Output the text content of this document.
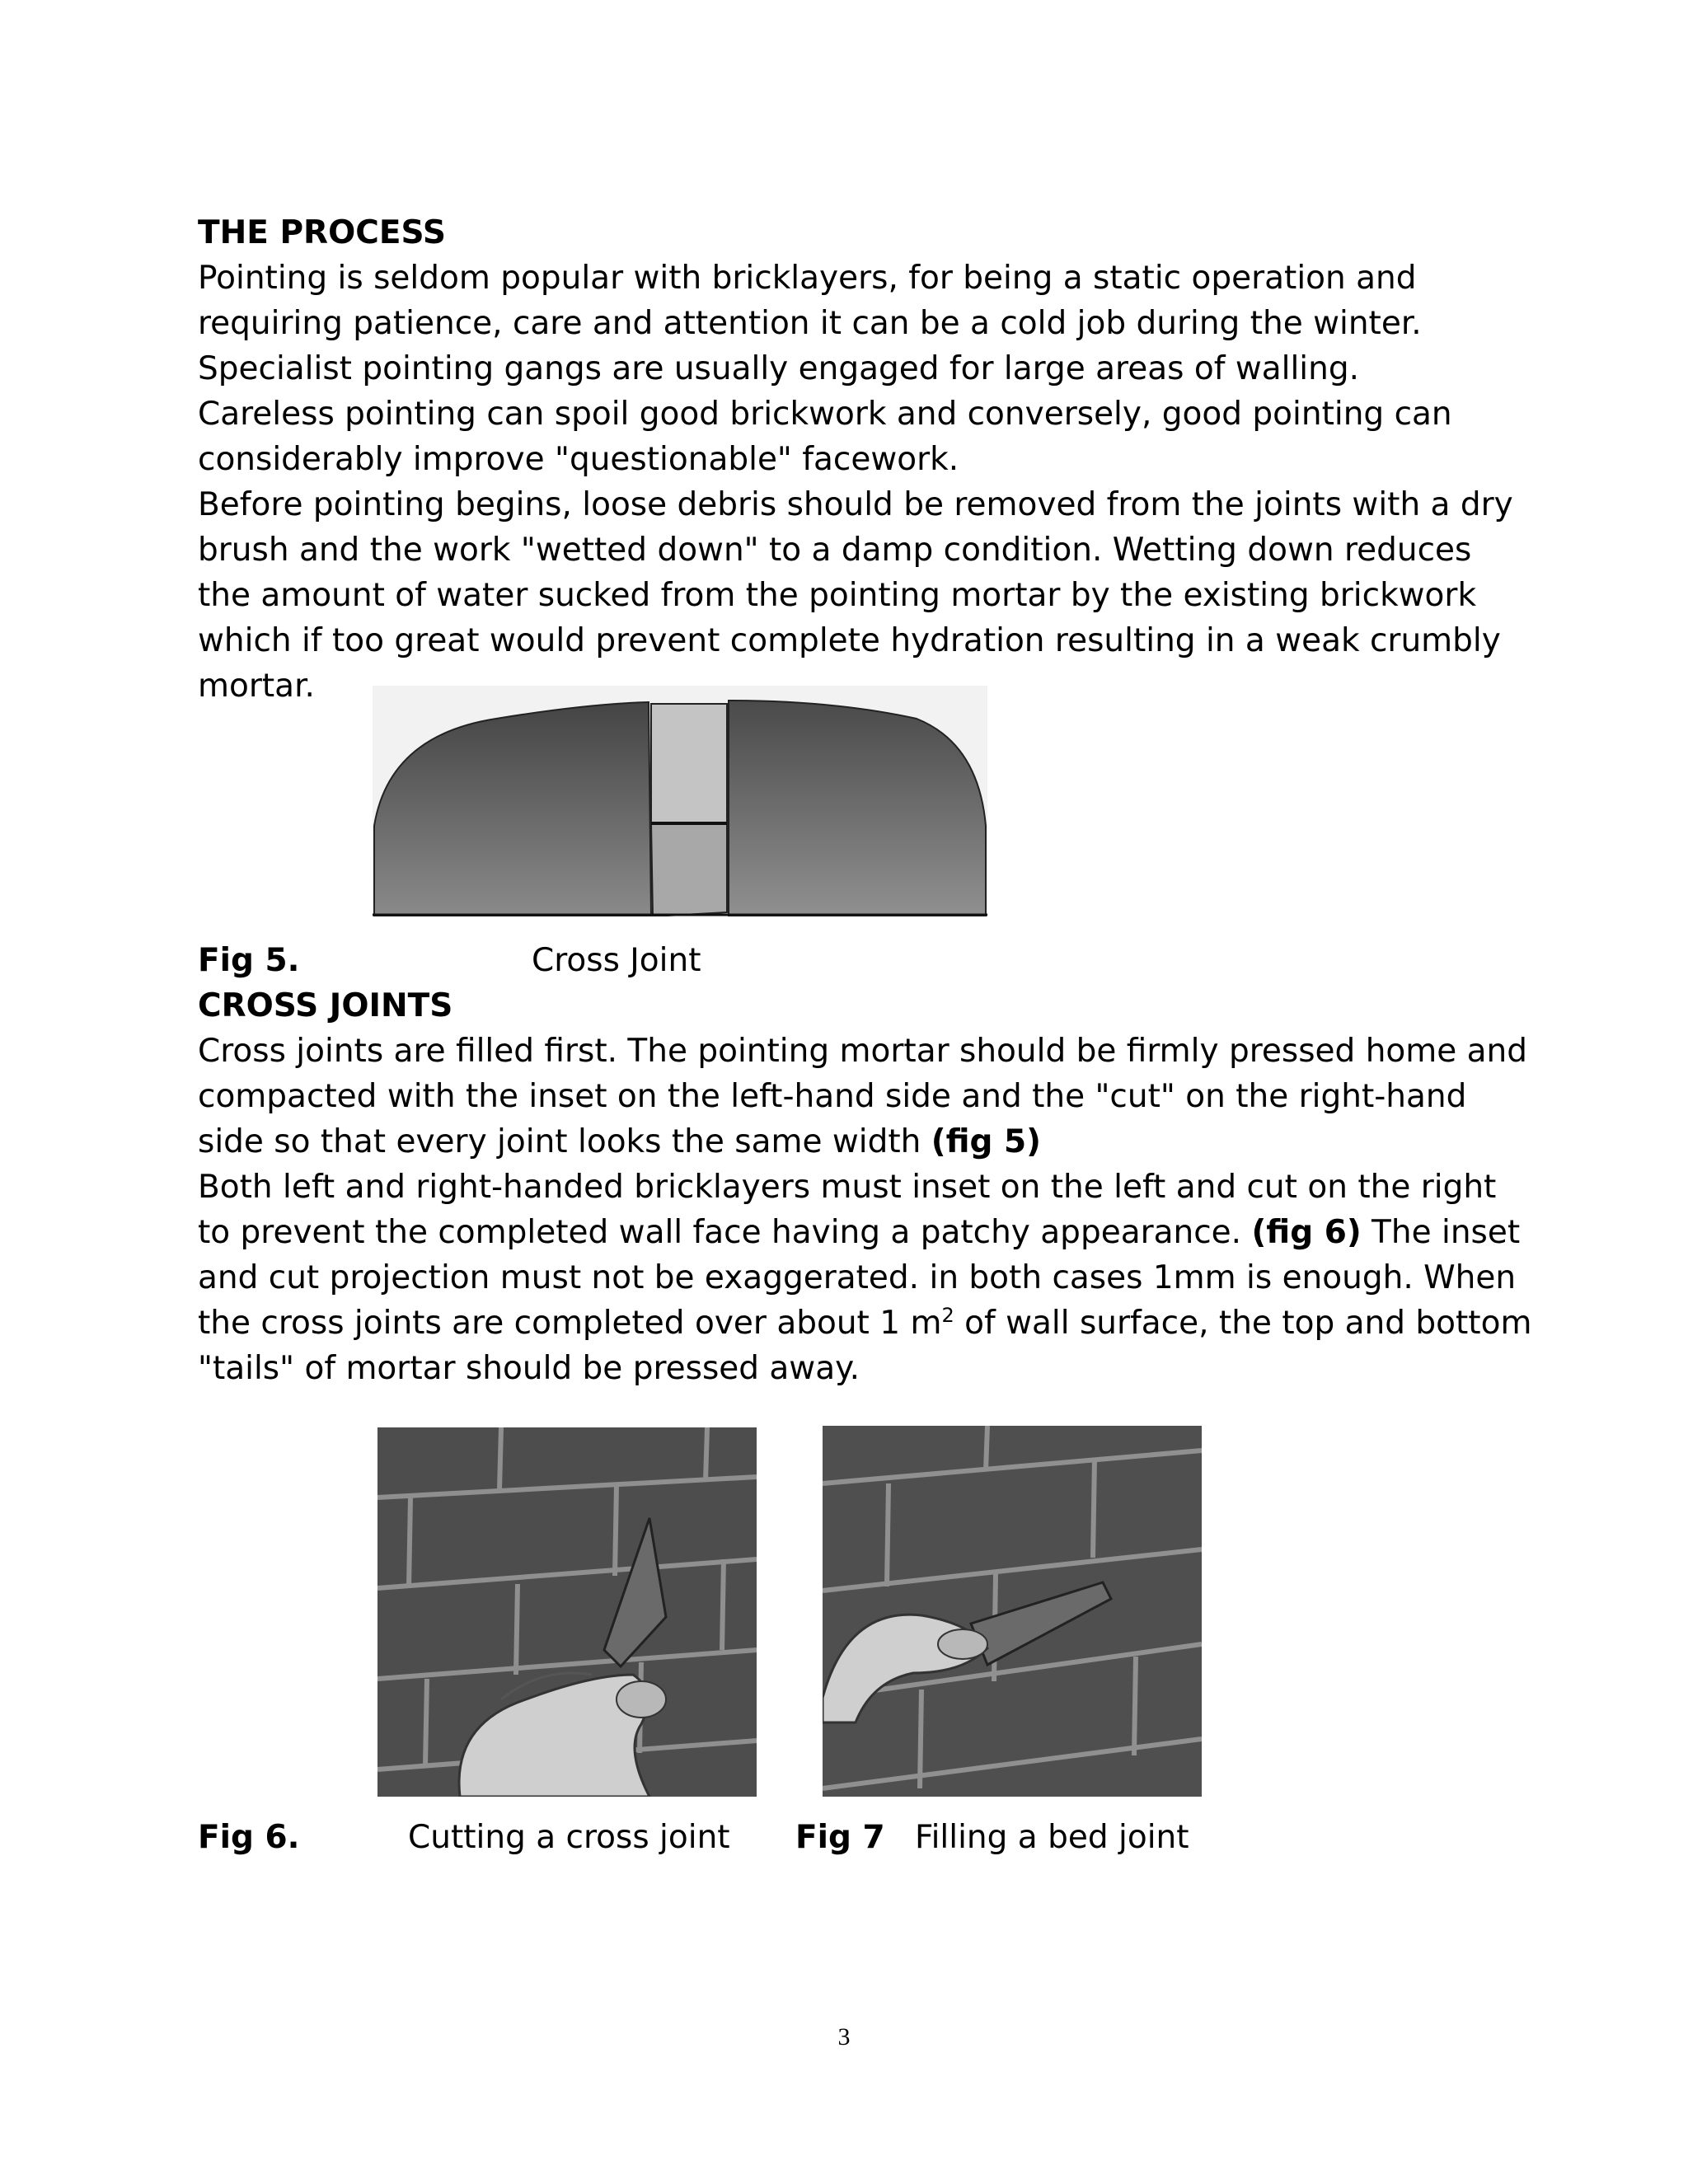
THE PROCESS
Pointing is seldom popular with bricklayers, for being a static operation and requiring patience, care and attention it can be a cold job during the winter. Specialist pointing gangs are usually engaged for large areas of walling.
Careless pointing can spoil good brickwork and conversely, good pointing can considerably improve "questionable" facework.
Before pointing begins, loose debris should be removed from the joints with a dry brush and the work "wetted down" to a damp condition. Wetting down reduces the amount of water sucked from the pointing mortar by the existing brickwork which if too great would prevent complete hydration resulting in a weak crumbly mortar.
Fig 5.	Cross Joint
CROSS JOINTS
Cross joints are filled first. The pointing mortar should be firmly pressed home and compacted with the inset on the left-hand side and the "cut" on the right-hand side so that every joint looks the same width (fig 5)
Both left and right-handed bricklayers must inset on the left and cut on the right to prevent the completed wall face having a patchy appearance. (fig 6) The inset and cut projection must not be exaggerated. in both cases 1mm is enough. When the cross joints are completed over about 1 $m^2$ of wall surface, the top and bottom "tails" of mortar should be pressed away.
Fig 6.	Cutting a cross joint Fig 7 Filling a bed joint
3
